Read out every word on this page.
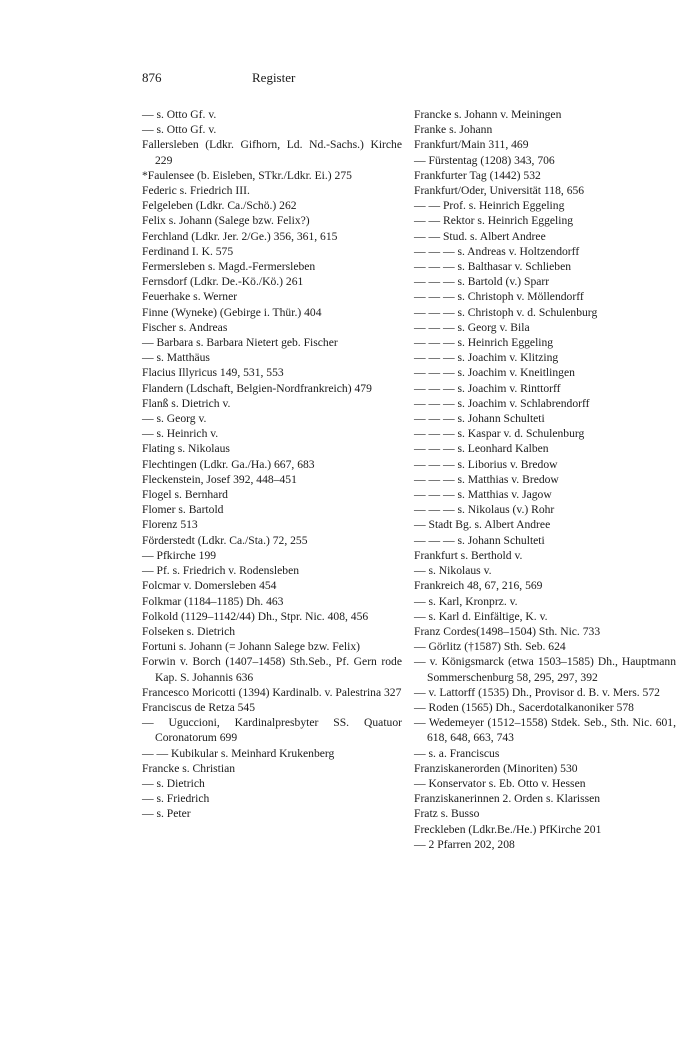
876	Register
— s. Otto Gf. v.
— s. Otto Gf. v.
Fallersleben (Ldkr. Gifhorn, Ld. Nd.-Sachs.) Kirche 229
*Faulensee (b. Eisleben, STkr./Ldkr. Ei.) 275
Federic s. Friedrich III.
Felgeleben (Ldkr. Ca./Schö.) 262
Felix s. Johann (Salege bzw. Felix?)
Ferchland (Ldkr. Jer. 2/Ge.) 356, 361, 615
Ferdinand I. K. 575
Fermersleben s. Magd.-Fermersleben
Fernsdorf (Ldkr. De.-Kö./Kö.) 261
Feuerhake s. Werner
Finne (Wyneke) (Gebirge i. Thür.) 404
Fischer s. Andreas
— Barbara s. Barbara Nietert geb. Fischer
— s. Matthäus
Flacius Illyricus 149, 531, 553
Flandern (Ldschaft, Belgien-Nordfrankreich) 479
Flanß s. Dietrich v.
— s. Georg v.
— s. Heinrich v.
Flating s. Nikolaus
Flechtingen (Ldkr. Ga./Ha.) 667, 683
Fleckenstein, Josef 392, 448–451
Flogel s. Bernhard
Flomer s. Bartold
Florenz 513
Förderstedt (Ldkr. Ca./Sta.) 72, 255
— Pfkirche 199
— Pf. s. Friedrich v. Rodensleben
Folcmar v. Domersleben 454
Folkmar (1184–1185) Dh. 463
Folkold (1129–1142/44) Dh., Stpr. Nic. 408, 456
Folseken s. Dietrich
Fortuni s. Johann (= Johann Salege bzw. Felix)
Forwin v. Borch (1407–1458) Sth.Seb., Pf. Gern rode Kap. S. Johannis 636
Francesco Moricotti (1394) Kardinalb. v. Palestrina 327
Franciscus de Retza 545
— Uguccioni, Kardinalpresbyter SS. Quatuor Coronatorum 699
— — Kubikular s. Meinhard Krukenberg
Francke s. Christian
— s. Dietrich
— s. Friedrich
— s. Peter
Francke s. Johann v. Meiningen
Franke s. Johann
Frankfurt/Main 311, 469
— Fürstentag (1208) 343, 706
Frankfurter Tag (1442) 532
Frankfurt/Oder, Universität 118, 656
— — Prof. s. Heinrich Eggeling
— — Rektor s. Heinrich Eggeling
— — Stud. s. Albert Andree
— — — s. Andreas v. Holtzendorff
— — — s. Balthasar v. Schlieben
— — — s. Bartold (v.) Sparr
— — — s. Christoph v. Möllendorff
— — — s. Christoph v. d. Schulenburg
— — — s. Georg v. Bila
— — — s. Heinrich Eggeling
— — — s. Joachim v. Klitzing
— — — s. Joachim v. Kneitlingen
— — — s. Joachim v. Rinttorff
— — — s. Joachim v. Schlabrendorff
— — — s. Johann Schulteti
— — — s. Kaspar v. d. Schulenburg
— — — s. Leonhard Kalben
— — — s. Liborius v. Bredow
— — — s. Matthias v. Bredow
— — — s. Matthias v. Jagow
— — — s. Nikolaus (v.) Rohr
— Stadt Bg. s. Albert Andree
— — — s. Johann Schulteti
Frankfurt s. Berthold v.
— s. Nikolaus v.
Frankreich 48, 67, 216, 569
— s. Karl, Kronprz. v.
— s. Karl d. Einfältige, K. v.
Franz Cordes(1498–1504) Sth. Nic. 733
— Görlitz (†1587) Sth. Seb. 624
— v. Königsmarck (etwa 1503–1585) Dh., Hauptmann Sommerschenburg 58, 295, 297, 392
— v. Lattorff (1535) Dh., Provisor d. B. v. Mers. 572
— Roden (1565) Dh., Sacerdotalkanoniker 578
— Wedemeyer (1512–1558) Stdek. Seb., Sth. Nic. 601, 618, 648, 663, 743
— s. a. Franciscus
Franziskanerorden (Minoriten) 530
— Konservator s. Eb. Otto v. Hessen
Franziskanerinnen 2. Orden s. Klarissen
Fratz s. Busso
Freckleben (Ldkr.Be./He.) PfKirche 201
— 2 Pfarren 202, 208
